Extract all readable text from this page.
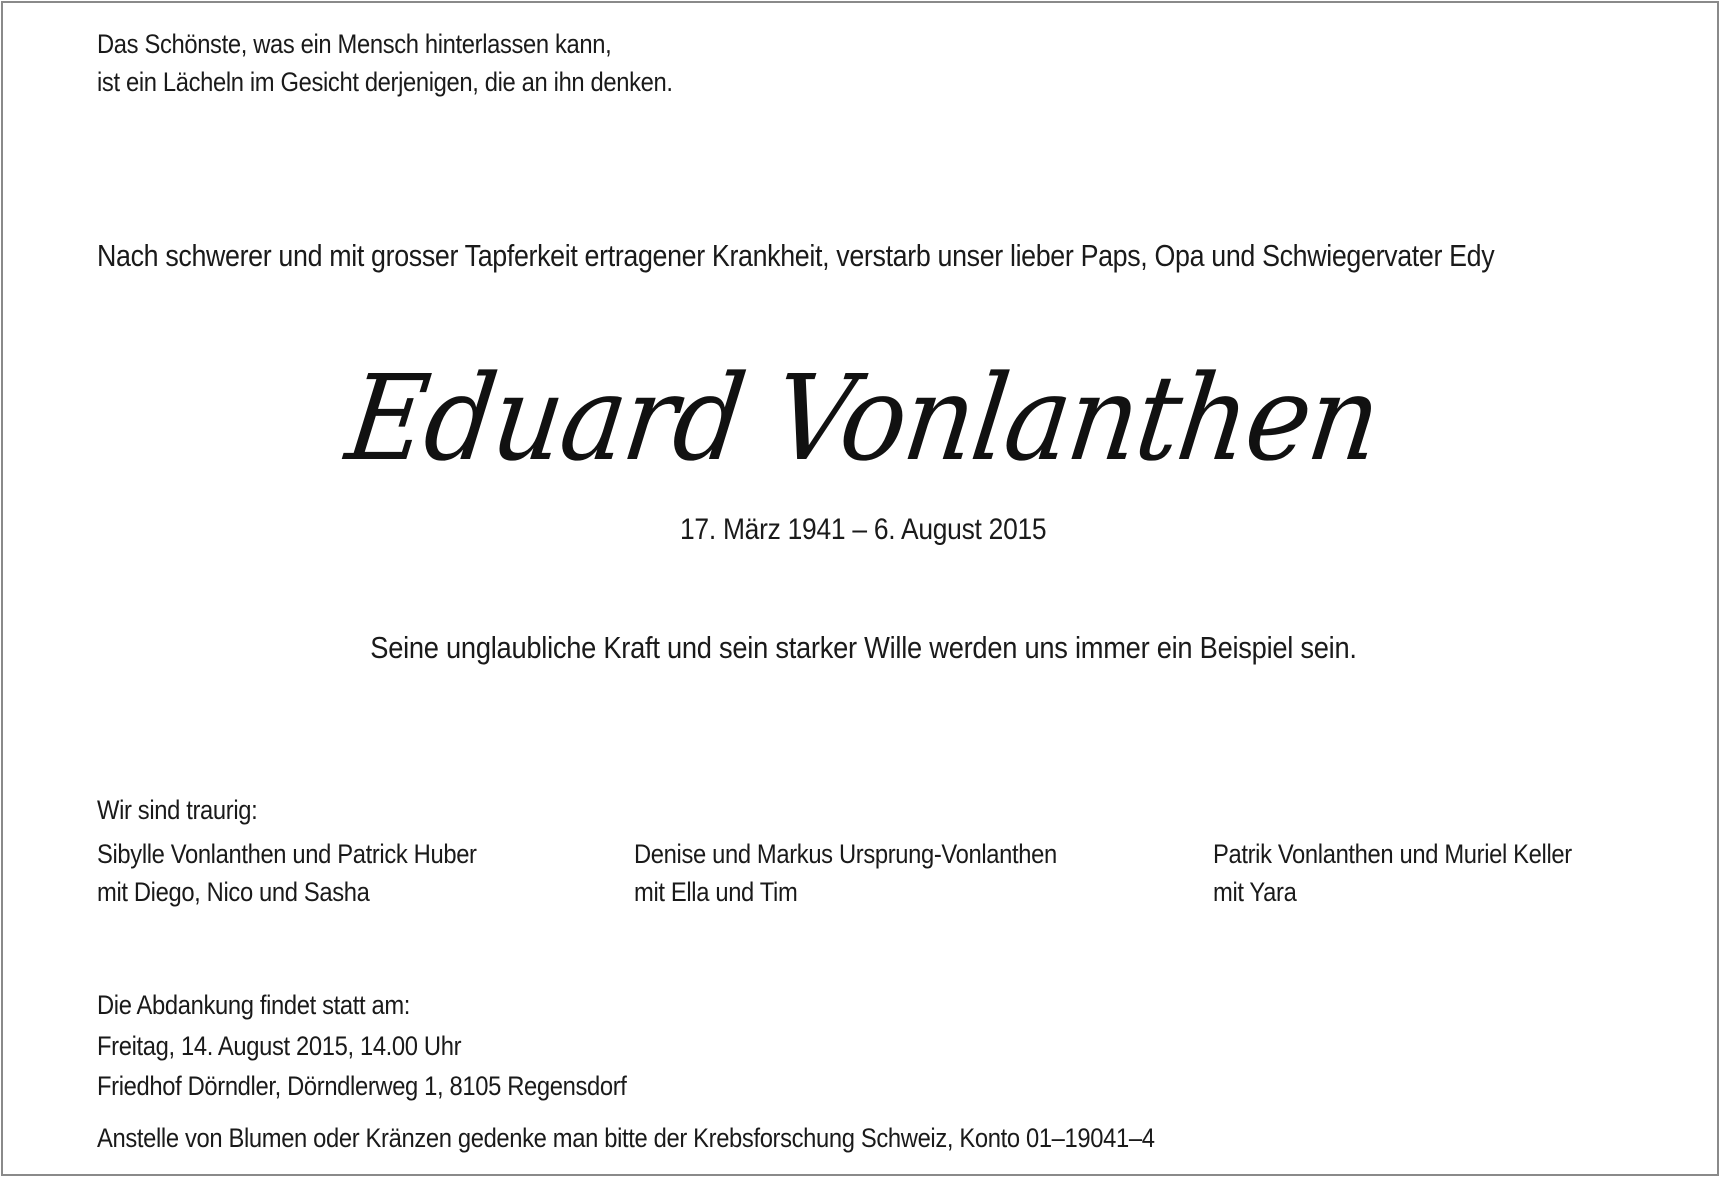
Das Schönste, was ein Mensch hinterlassen kann,
ist ein Lächeln im Gesicht derjenigen, die an ihn denken.
Nach schwerer und mit grosser Tapferkeit ertragener Krankheit, verstarb unser lieber Paps, Opa und Schwiegervater Edy
Eduard Vonlanthen
17. März 1941 – 6. August 2015
Seine unglaubliche Kraft und sein starker Wille werden uns immer ein Beispiel sein.
Wir sind traurig:
Sibylle Vonlanthen und Patrick Huber
mit Diego, Nico und Sasha
Denise und Markus Ursprung-Vonlanthen
mit Ella und Tim
Patrik Vonlanthen und Muriel Keller
mit Yara
Die Abdankung findet statt am:
Freitag, 14. August 2015, 14.00 Uhr
Friedhof Dörndler, Dörndlerweg 1, 8105 Regensdorf
Anstelle von Blumen oder Kränzen gedenke man bitte der Krebsforschung Schweiz, Konto 01–19041–4
